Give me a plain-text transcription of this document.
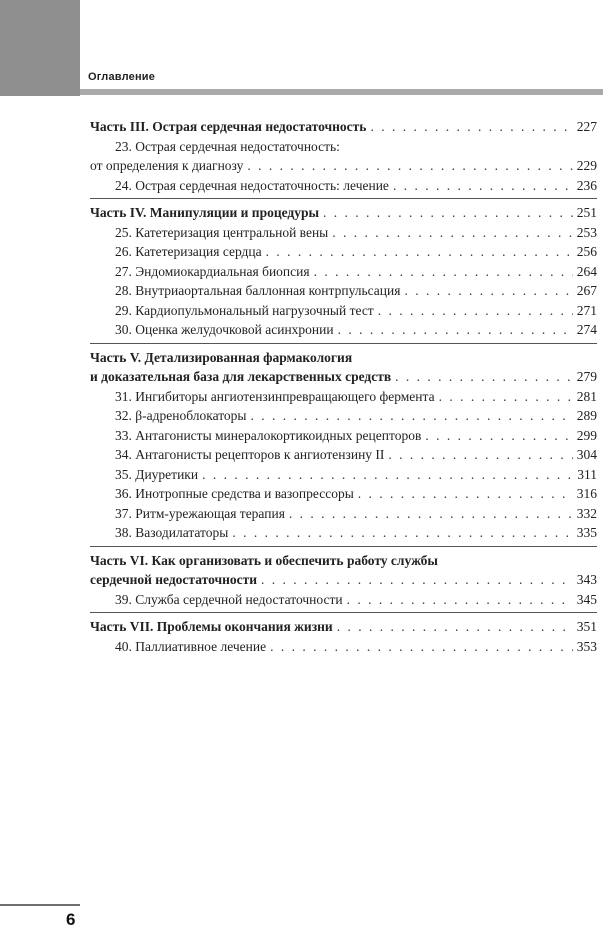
Оглавление
Часть III. Острая сердечная недостаточность . . .	227
23. Острая сердечная недостаточность:
от определения к диагнозу . . .	229
24. Острая сердечная недостаточность: лечение . . .	236
Часть IV. Манипуляции и процедуры . . .	251
25. Катетеризация центральной вены . . .	253
26. Катетеризация сердца . . .	256
27. Эндомиокардиальная биопсия . . .	264
28. Внутриаортальная баллонная контрпульсация . . .	267
29. Кардиопульмональный нагрузочный тест . . .	271
30. Оценка желудочковой асинхронии . . .	274
Часть V. Детализированная фармакология
и доказательная база для лекарственных средств . . .	279
31. Ингибиторы ангиотензинпревращающего фермента . . .	281
32. β-адреноблокаторы . . .	289
33. Антагонисты минералокортикоидных рецепторов . . .	299
34. Антагонисты рецепторов к ангиотензину II . . .	304
35. Диуретики . . .	311
36. Инотропные средства и вазопрессоры . . .	316
37. Ритм-урежающая терапия . . .	332
38. Вазодилататоры . . .	335
Часть VI. Как организовать и обеспечить работу службы
сердечной недостаточности . . .	343
39. Служба сердечной недостаточности . . .	345
Часть VII. Проблемы окончания жизни . . .	351
40. Паллиативное лечение . . .	353
6
